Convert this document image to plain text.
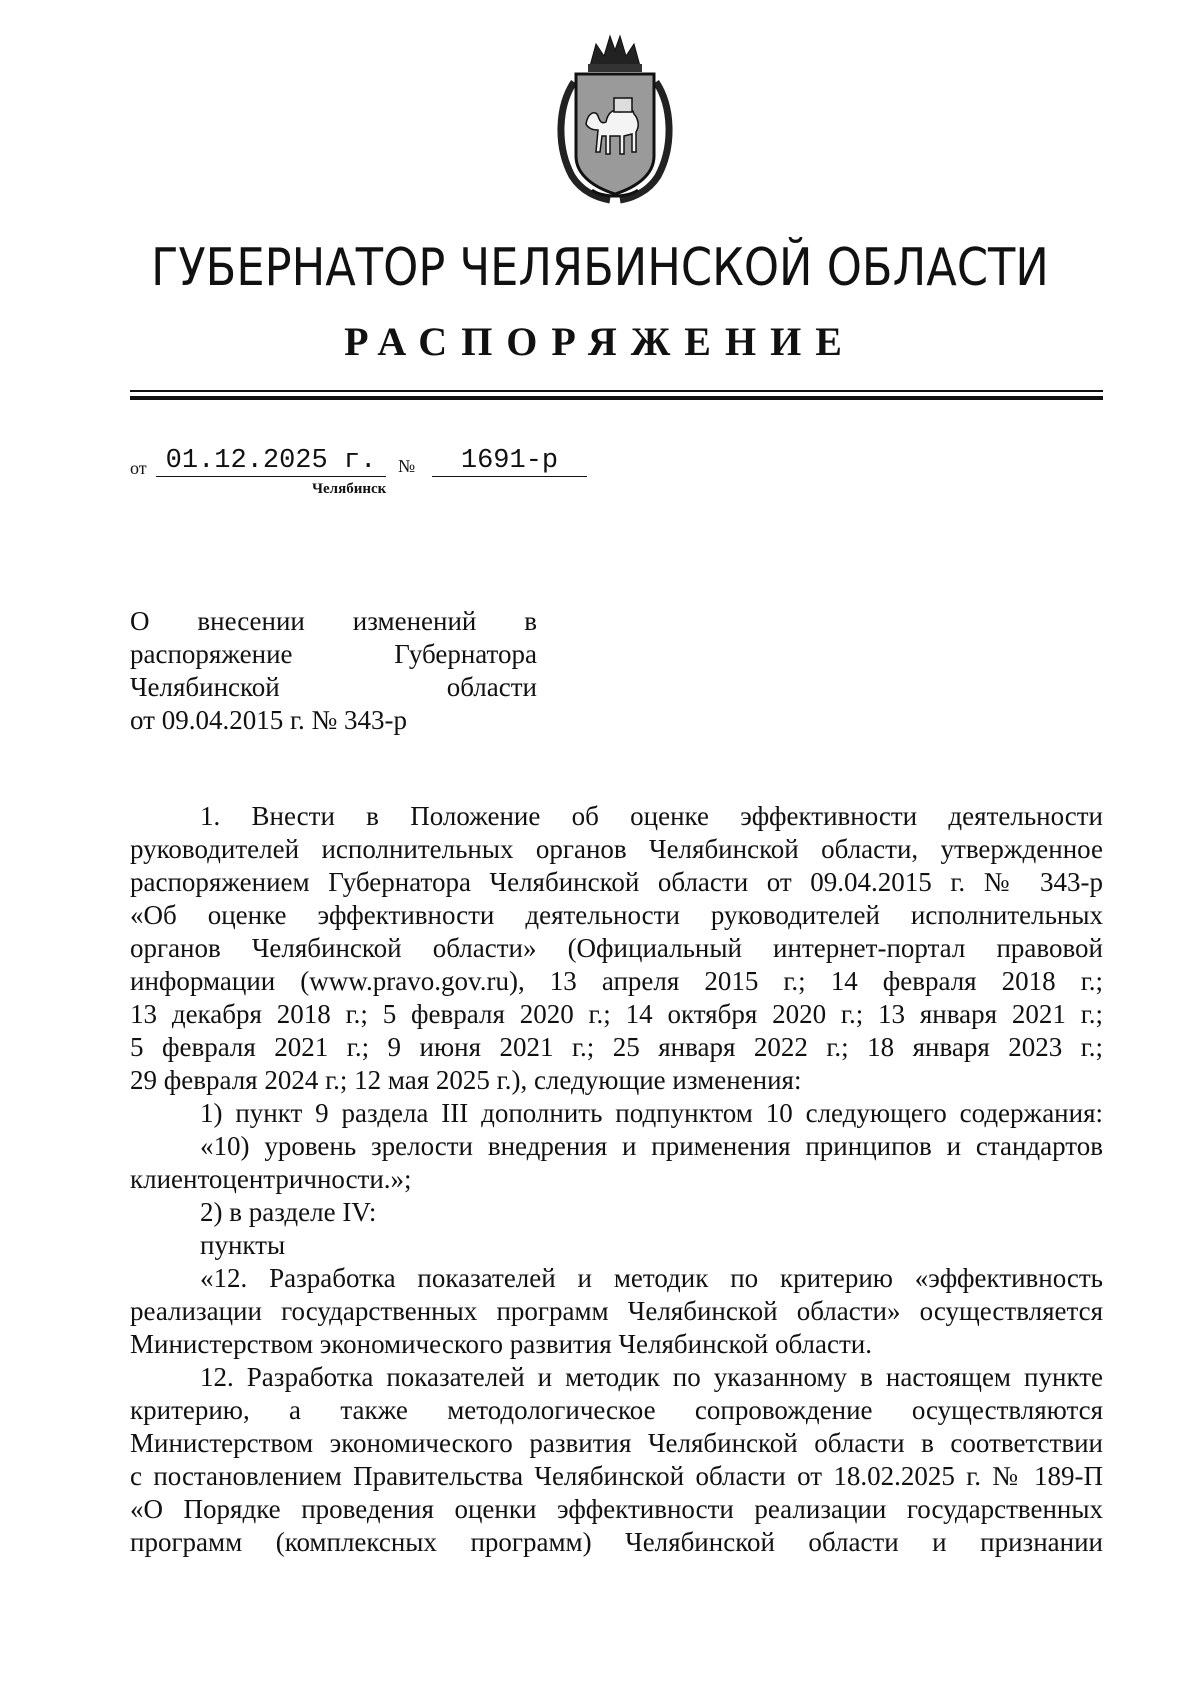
ГУБЕРНАТОР ЧЕЛЯБИНСКОЙ ОБЛАСТИ
РАСПОРЯЖЕНИЕ
от 01.12.2025 г.	№	1691-р
Челябинск
О внесении изменений в
распоряжение Губернатора
Челябинской области
от 09.04.2015 г. № 343-р
1. Внести в Положение об оценке эффективности деятельности
руководителей исполнительных органов Челябинской области, утвержденное
распоряжением Губернатора Челябинской области от 09.04.2015 г. № 343-р
«Об оценке эффективности деятельности руководителей исполнительных
органов Челябинской области» (Официальный интернет-портал правовой
информации (www.pravo.gov.ru), 13 апреля 2015 г.; 14 февраля 2018 г.;
13 декабря 2018 г.; 5 февраля 2020 г.; 14 октября 2020 г.; 13 января 2021 г.;
5 февраля 2021 г.; 9 июня 2021 г.; 25 января 2022 г.; 18 января 2023 г.;
29 февраля 2024 г.; 12 мая 2025 г.), следующие изменения:
1) пункт 9 раздела III дополнить подпунктом 10 следующего содержания:
«10) уровень зрелости внедрения и применения принципов и стандартов
клиентоцентричности.»;
2) в разделе IV:
пункты
«12. Разработка показателей и методик по критерию «эффективность
реализации государственных программ Челябинской области» осуществляется
Министерством экономического развития Челябинской области.
12. Разработка показателей и методик по указанному в настоящем пункте
критерию, а также методологическое сопровождение осуществляются
Министерством экономического развития Челябинской области в соответствии
с постановлением Правительства Челябинской области от 18.02.2025 г. № 189-П
«О Порядке проведения оценки эффективности реализации государственных
программ (комплексных программ) Челябинской области и признании
